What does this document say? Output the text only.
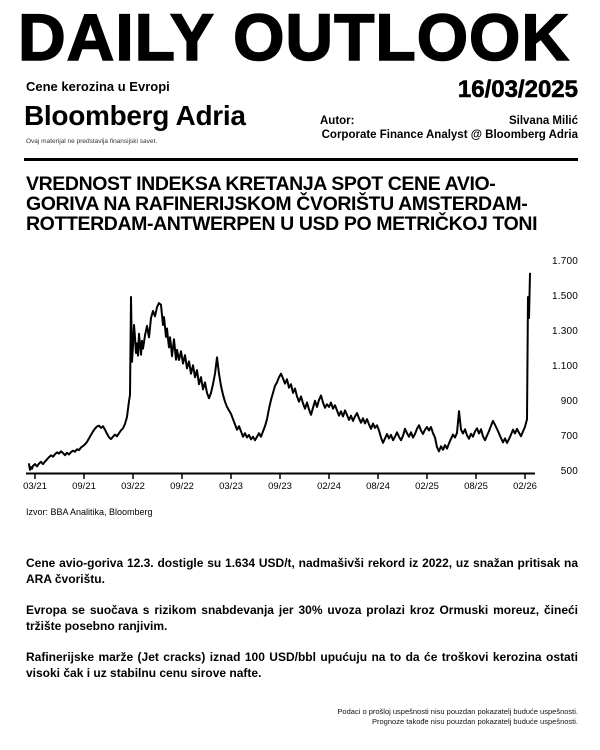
DAILY OUTLOOK
Cene kerozina u Evropi	16/03/2025
Bloomberg Adria
Ovaj materijal ne predstavlja finansijski savet.
Autor:	Silvana Milić
Corporate Finance Analyst @ Bloomberg Adria
VREDNOST INDEKSA KRETANJA SPOT CENE AVIO-
GORIVA NA RAFINERIJSKOM ČVORIŠTU AMSTERDAM-
ROTTERDAM-ANTWERPEN U USD PO METRIČKOJ TONI
03/21	09/21	03/22	09/22	03/23	09/23	02/24	08/24	02/25	08/25	02/26
1.700
1.500
1.300
1.100
900
700
500
Izvor: BBA Analitika, Bloomberg

Cene avio-goriva 12.3. dostigle su 1.634 USD/t, nadmašivši rekord iz 2022, uz snažan pritisak na ARA čvorištu.

Evropa se suočava s rizikom snabdevanja jer 30% uvoza prolazi kroz Ormuski moreuz, čineći tržište posebno ranjivim.

Rafinerijske marže (Jet cracks) iznad 100 USD/bbl upućuju na to da će troškovi kerozina ostati visoki čak i uz stabilnu cenu sirove nafte.

Podaci o prošloj uspešnosti nisu pouzdan pokazatelj buduće uspešnosti.
Prognoze takođe nisu pouzdan pokazatelj buduće uspešnosti.
